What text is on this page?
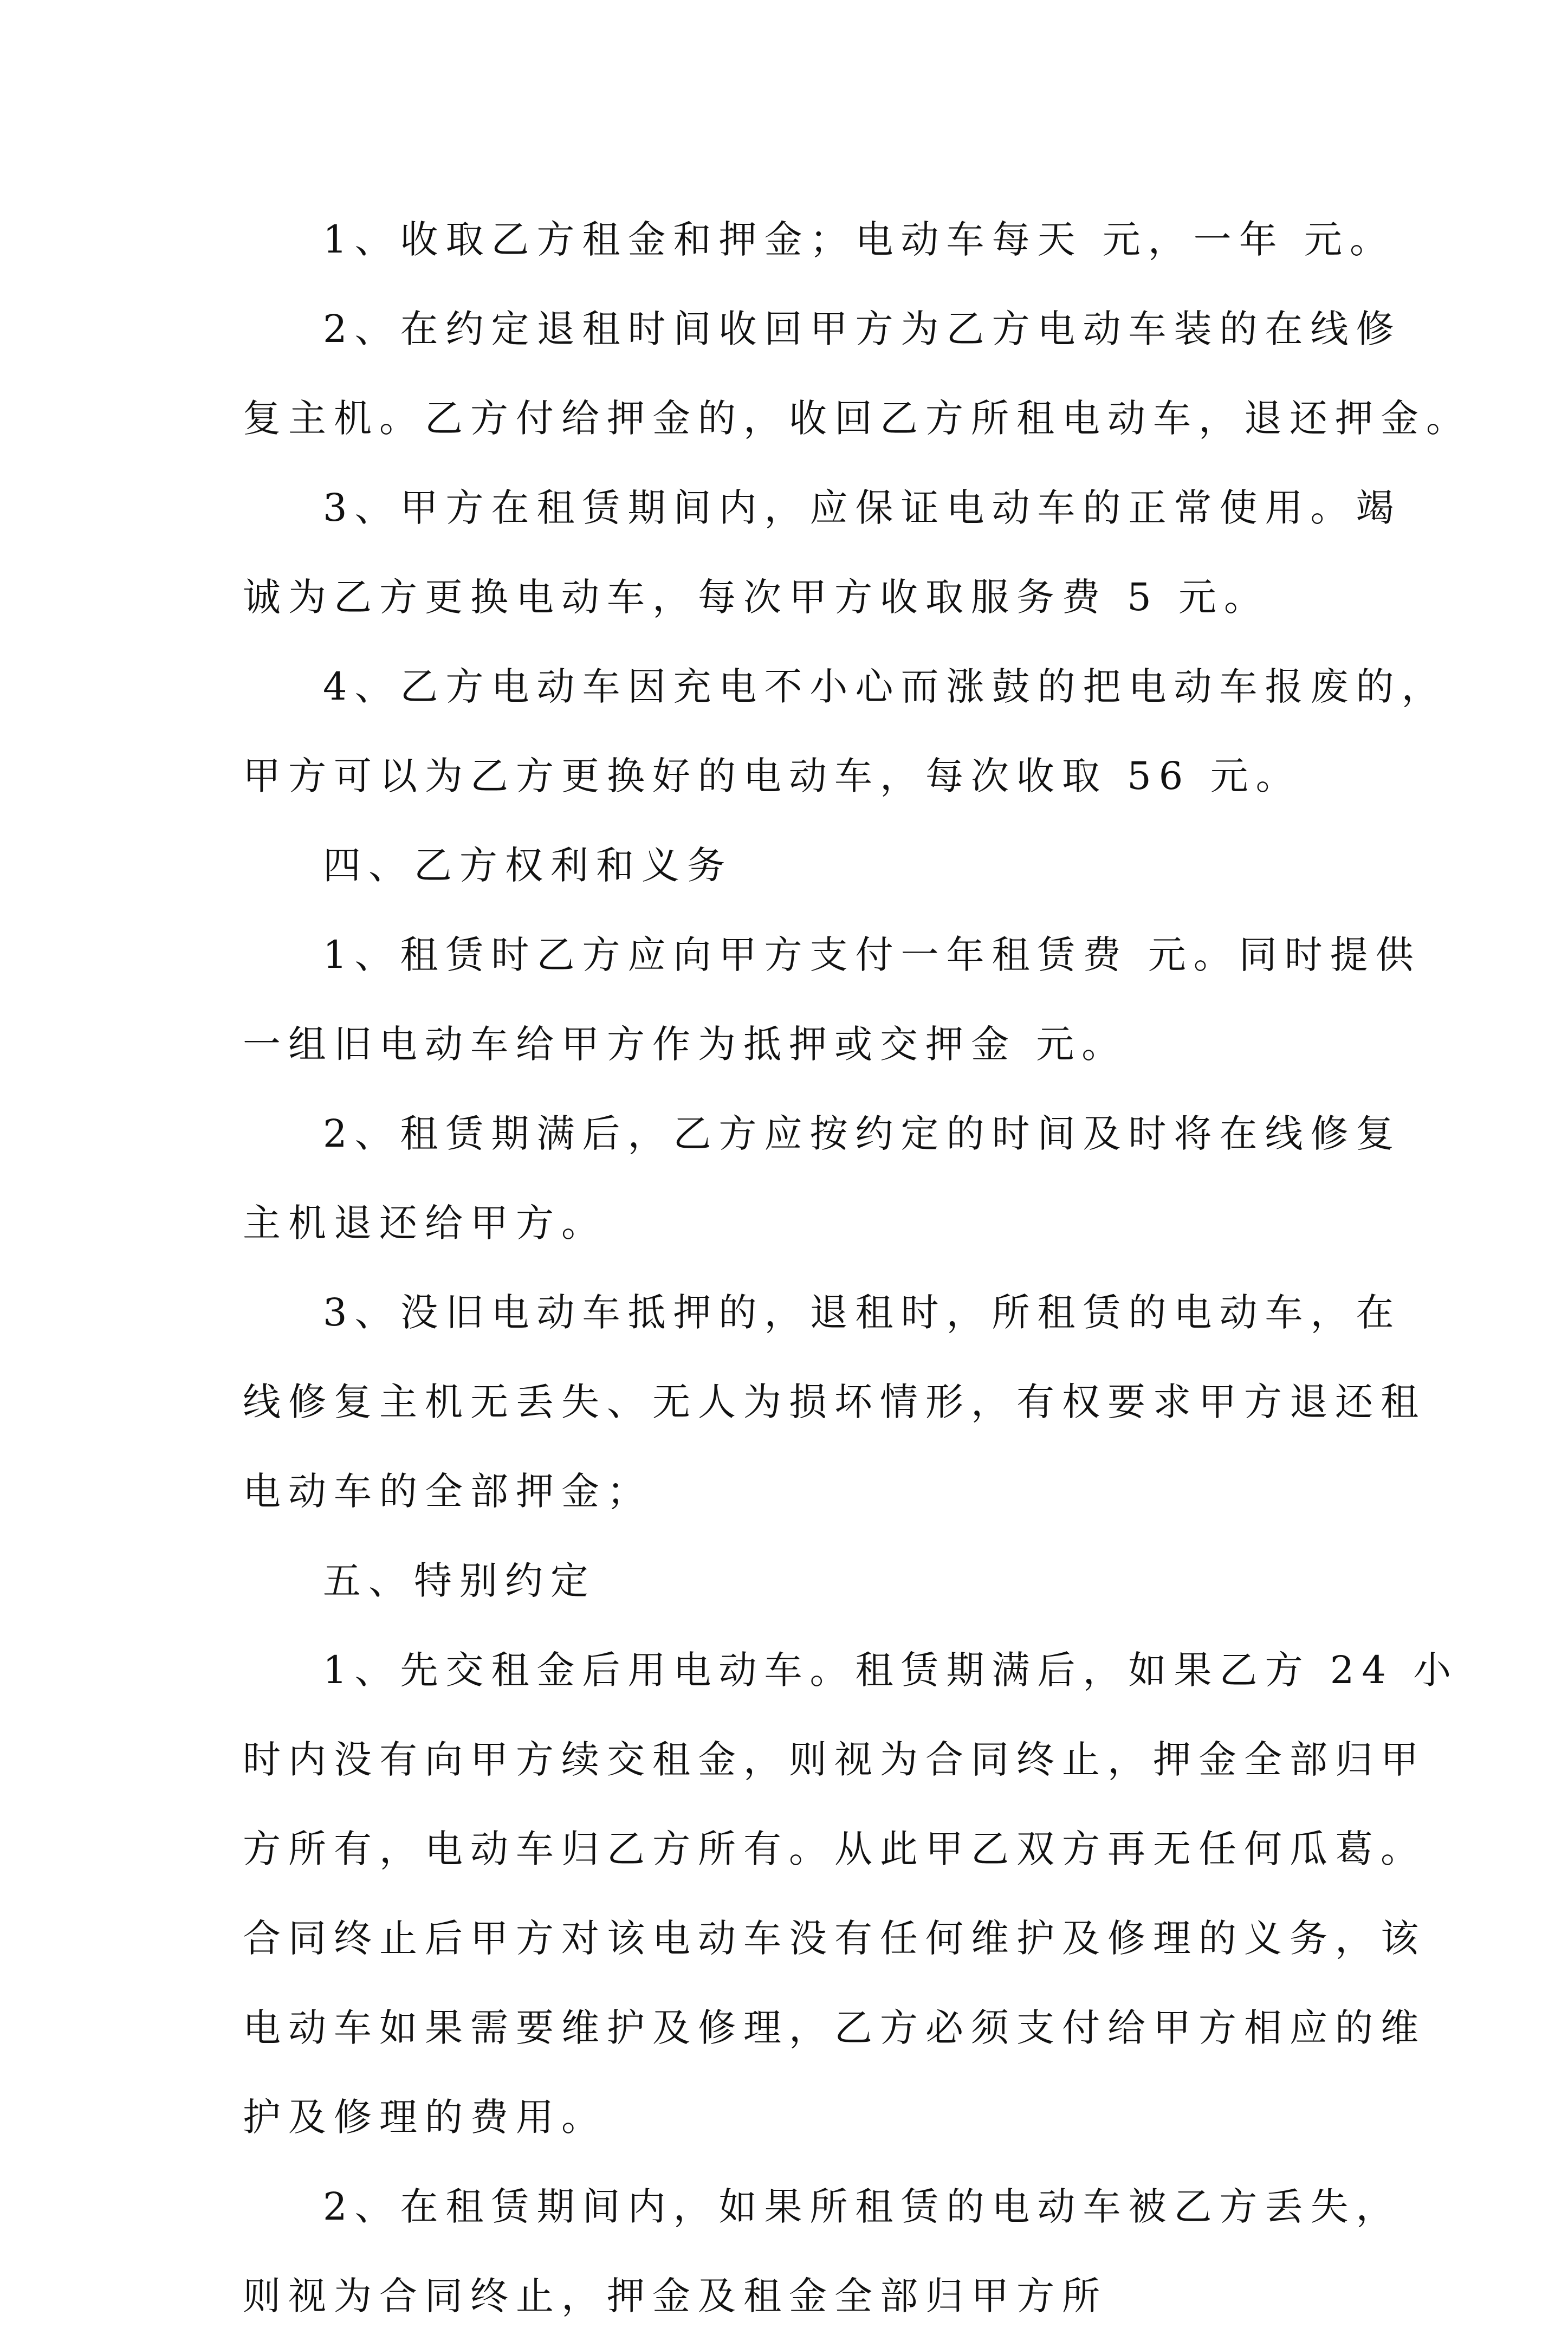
1、收取乙方租金和押金；电动车每天 元，一年 元。
2、在约定退租时间收回甲方为乙方电动车装的在线修
复主机。乙方付给押金的，收回乙方所租电动车，退还押金。
3、甲方在租赁期间内，应保证电动车的正常使用。竭
诚为乙方更换电动车，每次甲方收取服务费 5 元。
4、乙方电动车因充电不小心而涨鼓的把电动车报废的，
甲方可以为乙方更换好的电动车，每次收取 56 元。
四、乙方权利和义务
1、租赁时乙方应向甲方支付一年租赁费 元。同时提供
一组旧电动车给甲方作为抵押或交押金 元。
2、租赁期满后，乙方应按约定的时间及时将在线修复
主机退还给甲方。
3、没旧电动车抵押的，退租时，所租赁的电动车，在
线修复主机无丢失、无人为损坏情形，有权要求甲方退还租
电动车的全部押金；
五、特别约定
1、先交租金后用电动车。租赁期满后，如果乙方 24 小
时内没有向甲方续交租金，则视为合同终止，押金全部归甲
方所有，电动车归乙方所有。从此甲乙双方再无任何瓜葛。
合同终止后甲方对该电动车没有任何维护及修理的义务，该
电动车如果需要维护及修理，乙方必须支付给甲方相应的维
护及修理的费用。
2、在租赁期间内，如果所租赁的电动车被乙方丢失，
则视为合同终止，押金及租金全部归甲方所
